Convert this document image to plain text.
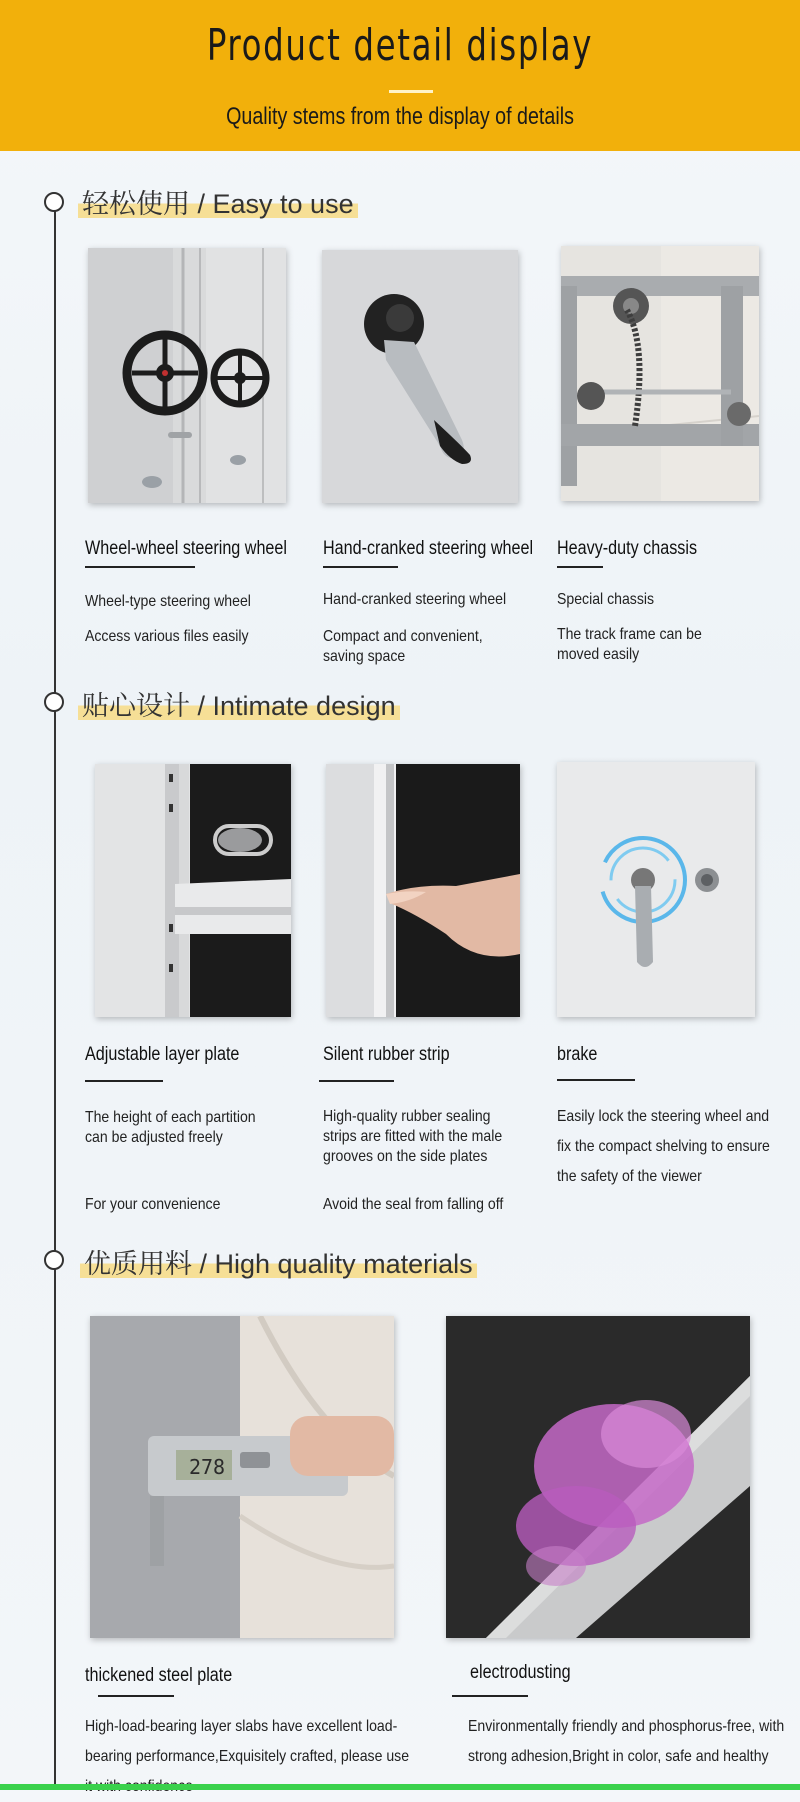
Product detail display
Quality stems from the display of details
轻松使用 / Easy to use
Wheel-wheel steering wheel
Wheel-type steering wheel
Access various files easily
Hand-cranked steering wheel
Hand-cranked steering wheel
Compact and convenient, saving space
Heavy-duty chassis
Special chassis
The track frame can be moved easily
贴心设计 / Intimate design
Adjustable layer plate
The height of each partition can be adjusted freely
For your convenience
Silent rubber strip
High-quality rubber sealing strips are fitted with the male grooves on the side plates
Avoid the seal from falling off
brake
Easily lock the steering wheel and fix the compact shelving to ensure the safety of the viewer
优质用料 / High quality materials
278
thickened steel plate
High-load-bearing layer slabs have excellent load-bearing performance,Exquisitely crafted, please use
electrodusting
Environmentally friendly and phosphorus-free, with strong adhesion,Bright in color, safe and healthy
